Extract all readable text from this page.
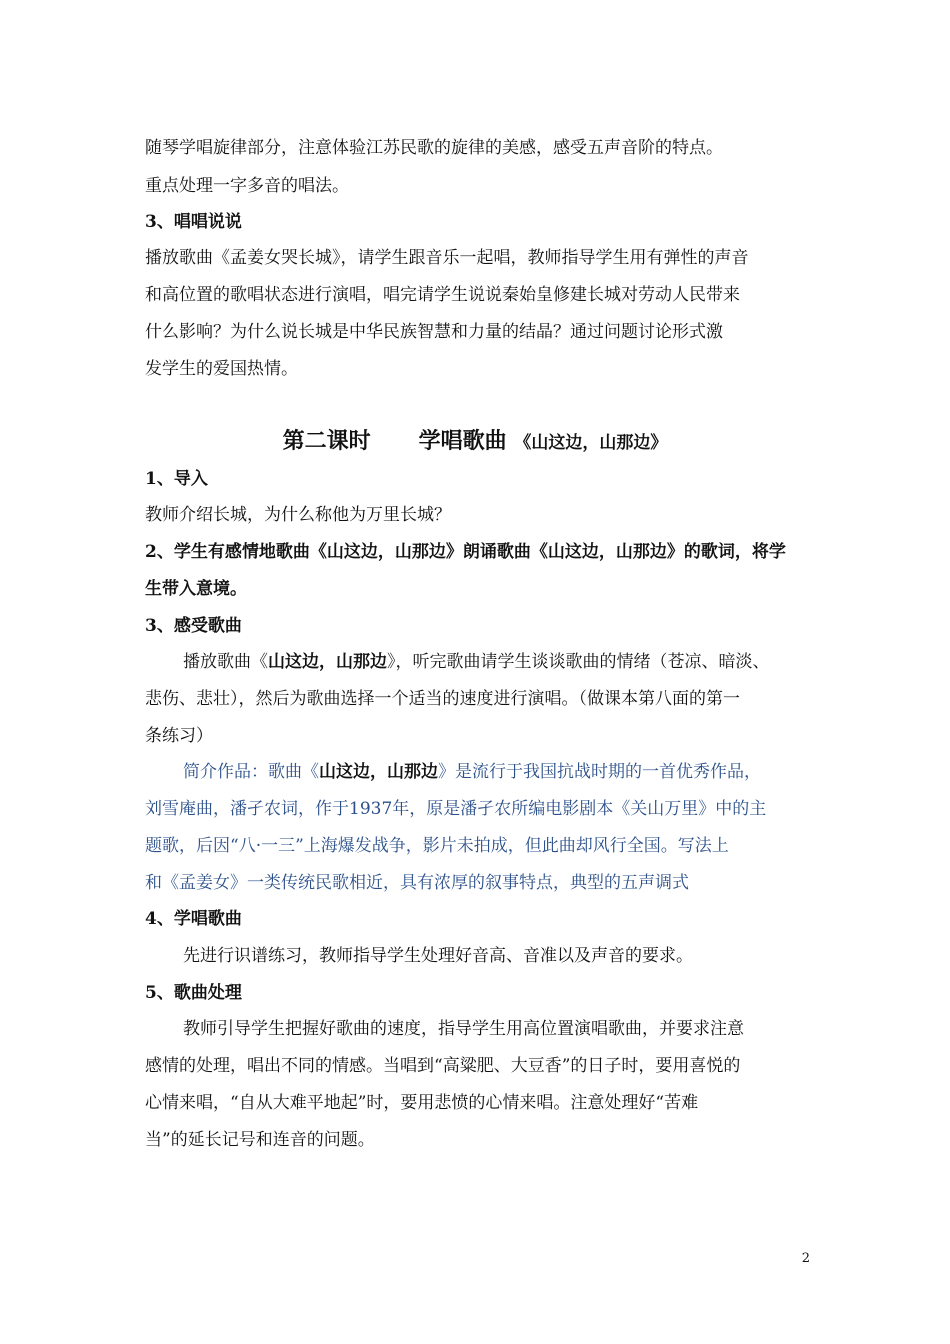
随琴学唱旋律部分，注意体验江苏民歌的旋律的美感，感受五声音阶的特点。
重点处理一字多音的唱法。
3、唱唱说说
播放歌曲《孟姜女哭长城》，请学生跟音乐一起唱，教师指导学生用有弹性的声音
和高位置的歌唱状态进行演唱，唱完请学生说说秦始皇修建长城对劳动人民带来
什么影响？为什么说长城是中华民族智慧和力量的结晶？通过问题讨论形式激
发学生的爱国热情。
第二课时 学唱歌曲 《山这边，山那边》
1、导入
教师介绍长城，为什么称他为万里长城？
2、学生有感情地歌曲《山这边，山那边》朗诵歌曲《山这边，山那边》的歌词，将学
生带入意境。
3、感受歌曲
播放歌曲《山这边，山那边》，听完歌曲请学生谈谈歌曲的情绪（苍凉、暗淡、
悲伤、悲壮），然后为歌曲选择一个适当的速度进行演唱。（做课本第八面的第一
条练习）
简介作品：歌曲《山这边，山那边》是流行于我国抗战时期的一首优秀作品，
刘雪庵曲，潘孑农词，作于1937年，原是潘孑农所编电影剧本《关山万里》中的主
题歌，后因“八·一三”上海爆发战争，影片未拍成，但此曲却风行全国。写法上
和《孟姜女》一类传统民歌相近，具有浓厚的叙事特点，典型的五声调式
4、学唱歌曲
先进行识谱练习，教师指导学生处理好音高、音准以及声音的要求。
5、歌曲处理
教师引导学生把握好歌曲的速度，指导学生用高位置演唱歌曲，并要求注意
感情的处理，唱出不同的情感。当唱到“高粱肥、大豆香”的日子时，要用喜悦的
心情来唱，“自从大难平地起”时，要用悲愤的心情来唱。注意处理好“苦难
当”的延长记号和连音的问题。
2
